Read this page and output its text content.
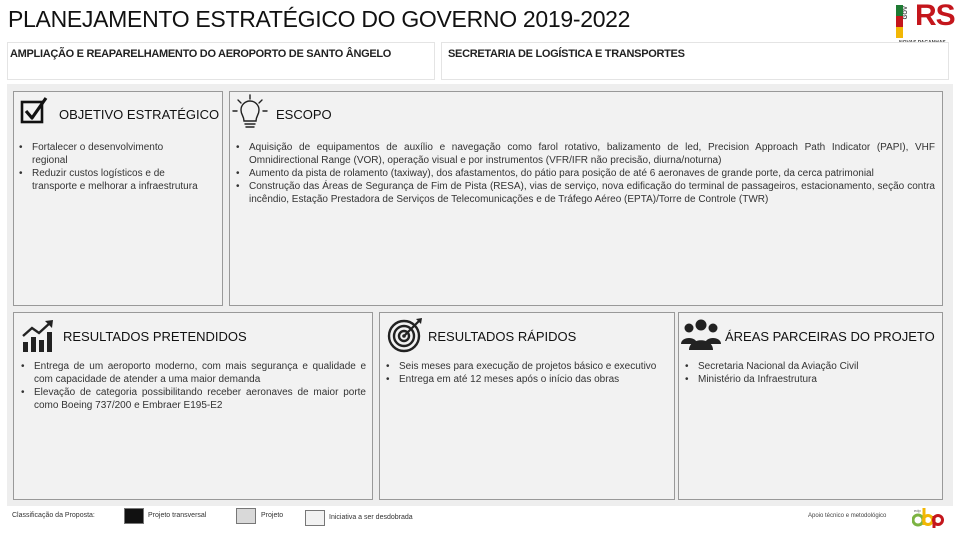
PLANEJAMENTO ESTRATÉGICO DO GOVERNO 2019-2022	GOV RS
AMPLIAÇÃO E REAPARELHAMENTO DO AEROPORTO DE SANTO ÂNGELO	SECRETARIA DE LOGÍSTICA E TRANSPORTES
OBJETIVO ESTRATÉGICO
• Fortalecer o desenvolvimento regional
• Reduzir custos logísticos e de transporte e melhorar a infraestrutura
ESCOPO
• Aquisição de equipamentos de auxílio e navegação como farol rotativo, balizamento de led, Precision Approach Path Indicator (PAPI), VHF Omnidirectional Range (VOR), operação visual e por instrumentos (VFR/IFR não precisão, diurna/noturna)
• Aumento da pista de rolamento (taxiway), dos afastamentos, do pátio para posição de até 6 aeronaves de grande porte, da cerca patrimonial
• Construção das Áreas de Segurança de Fim de Pista (RESA), vias de serviço, nova edificação do terminal de passageiros, estacionamento, seção contra incêndio, Estação Prestadora de Serviços de Telecomunicações e de Tráfego Aéreo (EPTA)/Torre de Controle (TWR)
RESULTADOS PRETENDIDOS
• Entrega de um aeroporto moderno, com mais segurança e qualidade e com capacidade de atender a uma maior demanda
• Elevação de categoria possibilitando receber aeronaves de maior porte como Boeing 737/200 e Embraer E195-E2
RESULTADOS RÁPIDOS
• Seis meses para execução de projetos básico e executivo
• Entrega em até 12 meses após o início das obras
ÁREAS PARCEIRAS DO PROJETO
• Secretaria Nacional da Aviação Civil
• Ministério da Infraestrutura
Classificação da Proposta:	Projeto transversal	Projeto	Iniciativa a ser desdobrada	Apoio técnico e metodológico
edp
